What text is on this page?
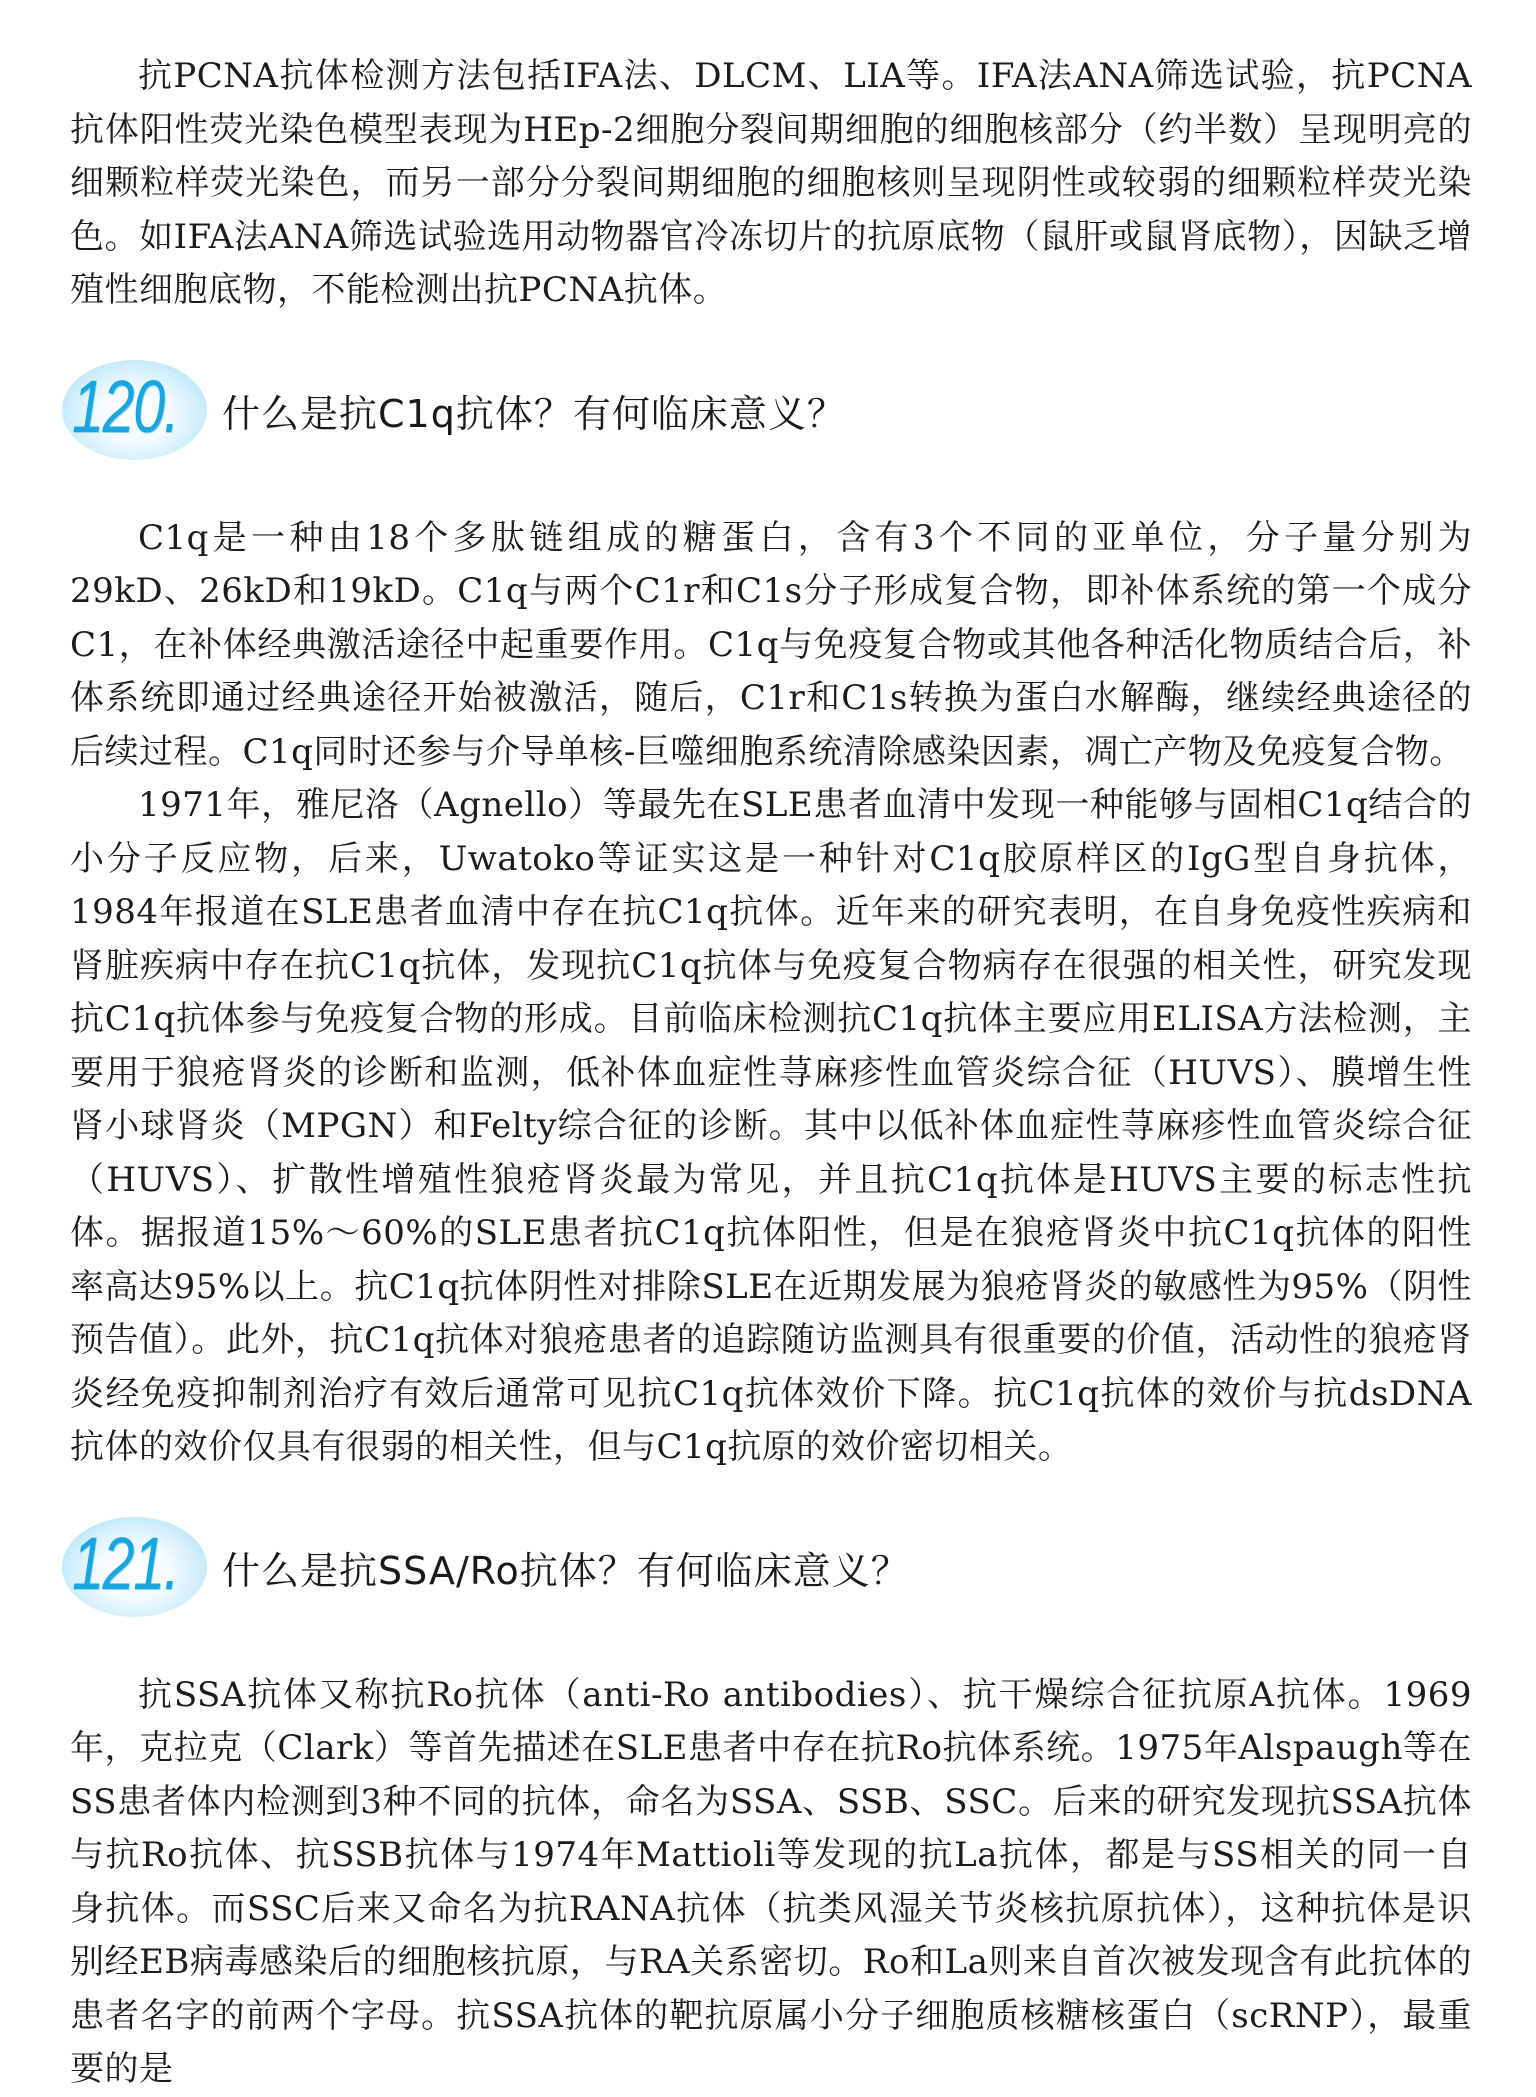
抗PCNA抗体检测方法包括IFA法、DLCM、LIA等。IFA法ANA筛选试验，抗PCNA抗体阳性荧光染色模型表现为HEp-2细胞分裂间期细胞的细胞核部分（约半数）呈现明亮的细颗粒样荧光染色，而另一部分分裂间期细胞的细胞核则呈现阴性或较弱的细颗粒样荧光染色。如IFA法ANA筛选试验选用动物器官冷冻切片的抗原底物（鼠肝或鼠肾底物），因缺乏增殖性细胞底物，不能检测出抗PCNA抗体。

120. 什么是抗C1q抗体？有何临床意义？

C1q是一种由18个多肽链组成的糖蛋白，含有3个不同的亚单位，分子量分别为29kD、26kD和19kD。C1q与两个C1r和C1s分子形成复合物，即补体系统的第一个成分C1，在补体经典激活途径中起重要作用。C1q与免疫复合物或其他各种活化物质结合后，补体系统即通过经典途径开始被激活，随后，C1r和C1s转换为蛋白水解酶，继续经典途径的后续过程。C1q同时还参与介导单核-巨噬细胞系统清除感染因素，凋亡产物及免疫复合物。

1971年，雅尼洛（Agnello）等最先在SLE患者血清中发现一种能够与固相C1q结合的小分子反应物，后来，Uwatoko等证实这是一种针对C1q胶原样区的IgG型自身抗体，1984年报道在SLE患者血清中存在抗C1q抗体。近年来的研究表明，在自身免疫性疾病和肾脏疾病中存在抗C1q抗体，发现抗C1q抗体与免疫复合物病存在很强的相关性，研究发现抗C1q抗体参与免疫复合物的形成。目前临床检测抗C1q抗体主要应用ELISA方法检测，主要用于狼疮肾炎的诊断和监测，低补体血症性荨麻疹性血管炎综合征（HUVS）、膜增生性肾小球肾炎（MPGN）和Felty综合征的诊断。其中以低补体血症性荨麻疹性血管炎综合征（HUVS）、扩散性增殖性狼疮肾炎最为常见，并且抗C1q抗体是HUVS主要的标志性抗体。据报道15%～60%的SLE患者抗C1q抗体阳性，但是在狼疮肾炎中抗C1q抗体的阳性率高达95%以上。抗C1q抗体阴性对排除SLE在近期发展为狼疮肾炎的敏感性为95%（阴性预告值）。此外，抗C1q抗体对狼疮患者的追踪随访监测具有很重要的价值，活动性的狼疮肾炎经免疫抑制剂治疗有效后通常可见抗C1q抗体效价下降。抗C1q抗体的效价与抗dsDNA抗体的效价仅具有很弱的相关性，但与C1q抗原的效价密切相关。

121. 什么是抗SSA/Ro抗体？有何临床意义？

抗SSA抗体又称抗Ro抗体（anti-Ro antibodies）、抗干燥综合征抗原A抗体。1969年，克拉克（Clark）等首先描述在SLE患者中存在抗Ro抗体系统。1975年Alspaugh等在SS患者体内检测到3种不同的抗体，命名为SSA、SSB、SSC。后来的研究发现抗SSA抗体与抗Ro抗体、抗SSB抗体与1974年Mattioli等发现的抗La抗体，都是与SS相关的同一自身抗体。而SSC后来又命名为抗RANA抗体（抗类风湿关节炎核抗原抗体），这种抗体是识别经EB病毒感染后的细胞核抗原，与RA关系密切。Ro和La则来自首次被发现含有此抗体的患者名字的前两个字母。抗SSA抗体的靶抗原属小分子细胞质核糖核蛋白（scRNP），最重要的是
